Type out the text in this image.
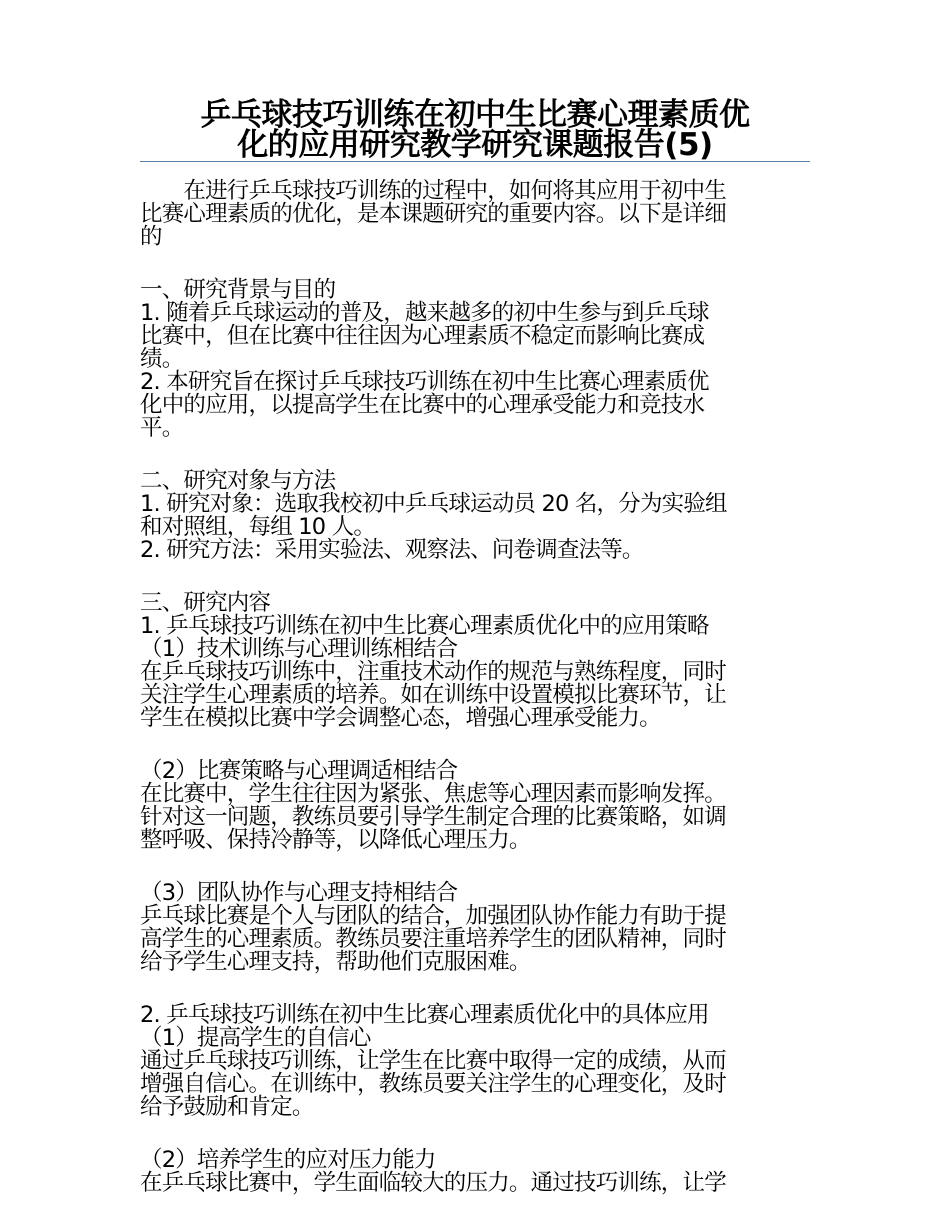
乒乓球技巧训练在初中生比赛心理素质优
化的应用研究教学研究课题报告(5)
　　在进行乒乓球技巧训练的过程中，如何将其应用于初中生
比赛心理素质的优化，是本课题研究的重要内容。以下是详细
的
一、研究背景与目的
1. 随着乒乓球运动的普及，越来越多的初中生参与到乒乓球
比赛中，但在比赛中往往因为心理素质不稳定而影响比赛成
绩。
2. 本研究旨在探讨乒乓球技巧训练在初中生比赛心理素质优
化中的应用，以提高学生在比赛中的心理承受能力和竞技水
平。
二、研究对象与方法
1. 研究对象：选取我校初中乒乓球运动员 20 名，分为实验组
和对照组，每组 10 人。
2. 研究方法：采用实验法、观察法、问卷调查法等。
三、研究内容
1. 乒乓球技巧训练在初中生比赛心理素质优化中的应用策略
（1）技术训练与心理训练相结合
在乒乓球技巧训练中，注重技术动作的规范与熟练程度，同时
关注学生心理素质的培养。如在训练中设置模拟比赛环节，让
学生在模拟比赛中学会调整心态，增强心理承受能力。
（2）比赛策略与心理调适相结合
在比赛中，学生往往因为紧张、焦虑等心理因素而影响发挥。
针对这一问题，教练员要引导学生制定合理的比赛策略，如调
整呼吸、保持冷静等，以降低心理压力。
（3）团队协作与心理支持相结合
乒乓球比赛是个人与团队的结合，加强团队协作能力有助于提
高学生的心理素质。教练员要注重培养学生的团队精神，同时
给予学生心理支持，帮助他们克服困难。
2. 乒乓球技巧训练在初中生比赛心理素质优化中的具体应用
（1）提高学生的自信心
通过乒乓球技巧训练，让学生在比赛中取得一定的成绩，从而
增强自信心。在训练中，教练员要关注学生的心理变化，及时
给予鼓励和肯定。
（2）培养学生的应对压力能力
在乒乓球比赛中，学生面临较大的压力。通过技巧训练，让学
